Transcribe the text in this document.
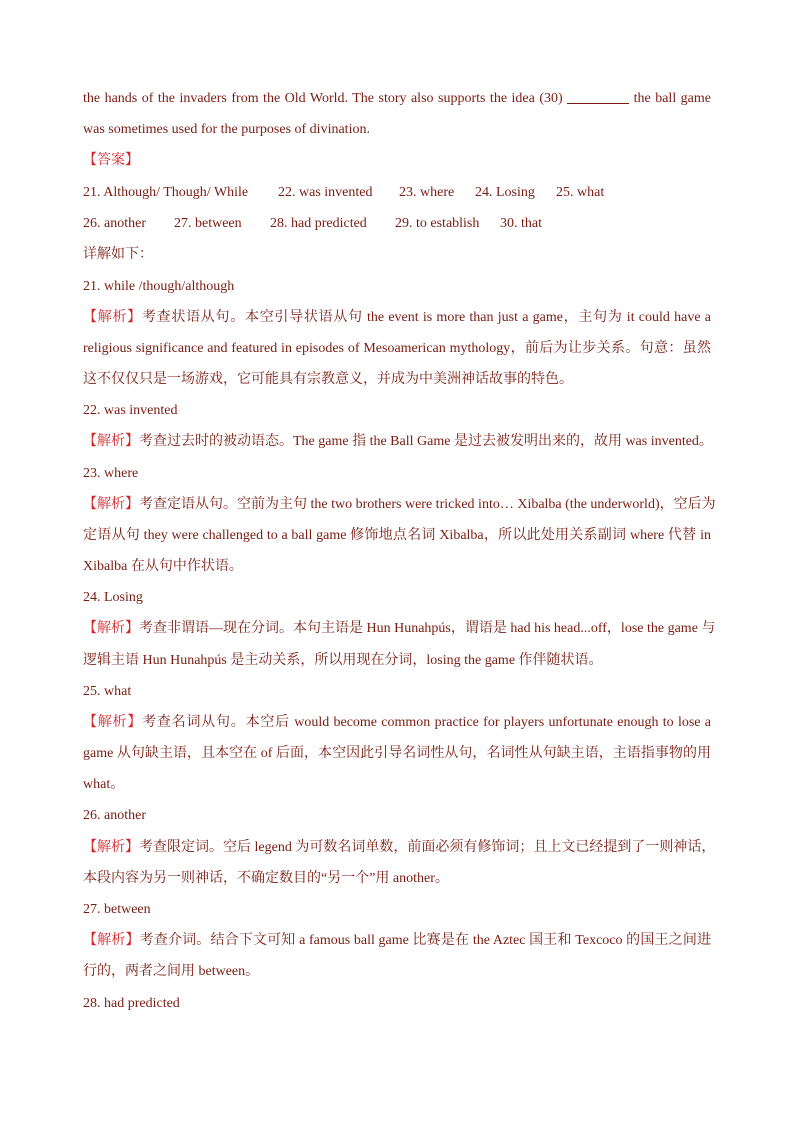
the hands of the invaders from the Old World. The story also supports the idea (30)	the ball game
was sometimes used for the purposes of divination.
【答案】
21. Although/ Though/ While 22. was invented 23. where 24. Losing 25. what
26. another 27. between 28. had predicted 29. to establish 30. that
详解如下：
21. while /though/although
【解析】考查状语从句。本空引导状语从句 the event is more than just a game，主句为 it could have a
religious significance and featured in episodes of Mesoamerican mythology，前后为让步关系。句意：虽然
这不仅仅只是一场游戏，它可能具有宗教意义，并成为中美洲神话故事的特色。
22. was invented
【解析】考查过去时的被动语态。The game 指 the Ball Game 是过去被发明出来的，故用 was invented。
23. where
【解析】考查定语从句。空前为主句 the two brothers were tricked into… Xibalba (the underworld)，空后为
定语从句 they were challenged to a ball game 修饰地点名词 Xibalba，所以此处用关系副词 where 代替 in
Xibalba 在从句中作状语。
24. Losing
【解析】考查非谓语—现在分词。本句主语是 Hun Hunahpús，谓语是 had his head...off，lose the game 与
逻辑主语 Hun Hunahpús 是主动关系，所以用现在分词，losing the game 作伴随状语。
25. what
【解析】考查名词从句。本空后 would become common practice for players unfortunate enough to lose a
game 从句缺主语，且本空在 of 后面，本空因此引导名词性从句，名词性从句缺主语，主语指事物的用
what。
26. another
【解析】考查限定词。空后 legend 为可数名词单数，前面必须有修饰词；且上文已经提到了一则神话，
本段内容为另一则神话，不确定数目的“另一个”用 another。
27. between
【解析】考查介词。结合下文可知 a famous ball game 比赛是在 the Aztec 国王和 Texcoco 的国王之间进
行的，两者之间用 between。
28. had predicted
